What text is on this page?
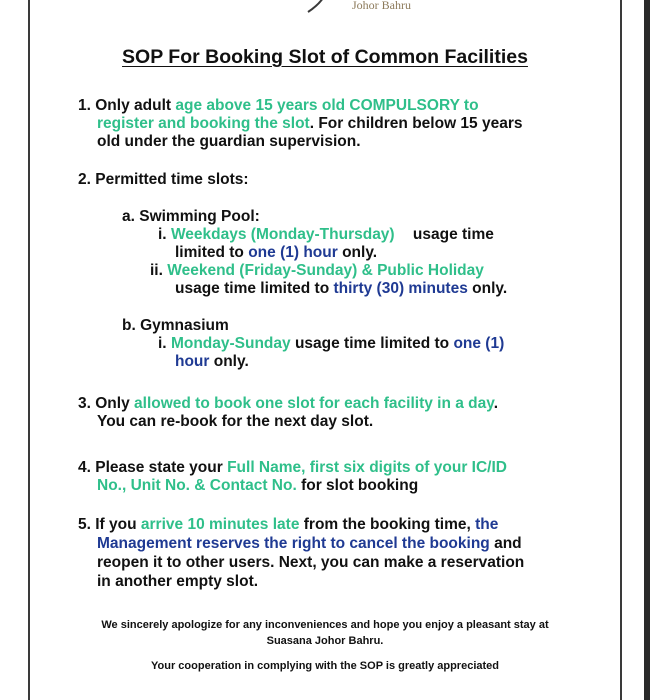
Johor Bahru
SOP For Booking Slot of Common Facilities
1. Only adult age above 15 years old COMPULSORY to
register and booking the slot. For children below 15 years
old under the guardian supervision.
2. Permitted time slots:
a. Swimming Pool:
i. Weekdays (Monday-Thursday) usage time
limited to one (1) hour only.
ii. Weekend (Friday-Sunday) & Public Holiday
usage time limited to thirty (30) minutes only.
b. Gymnasium
i. Monday-Sunday usage time limited to one (1)
hour only.
3. Only allowed to book one slot for each facility in a day.
You can re-book for the next day slot.
4. Please state your Full Name, first six digits of your IC/ID
No., Unit No. & Contact No. for slot booking
5. If you arrive 10 minutes late from the booking time, the
Management reserves the right to cancel the booking and
reopen it to other users. Next, you can make a reservation
in another empty slot.
We sincerely apologize for any inconveniences and hope you enjoy a pleasant stay at
Suasana Johor Bahru.
Your cooperation in complying with the SOP is greatly appreciated
